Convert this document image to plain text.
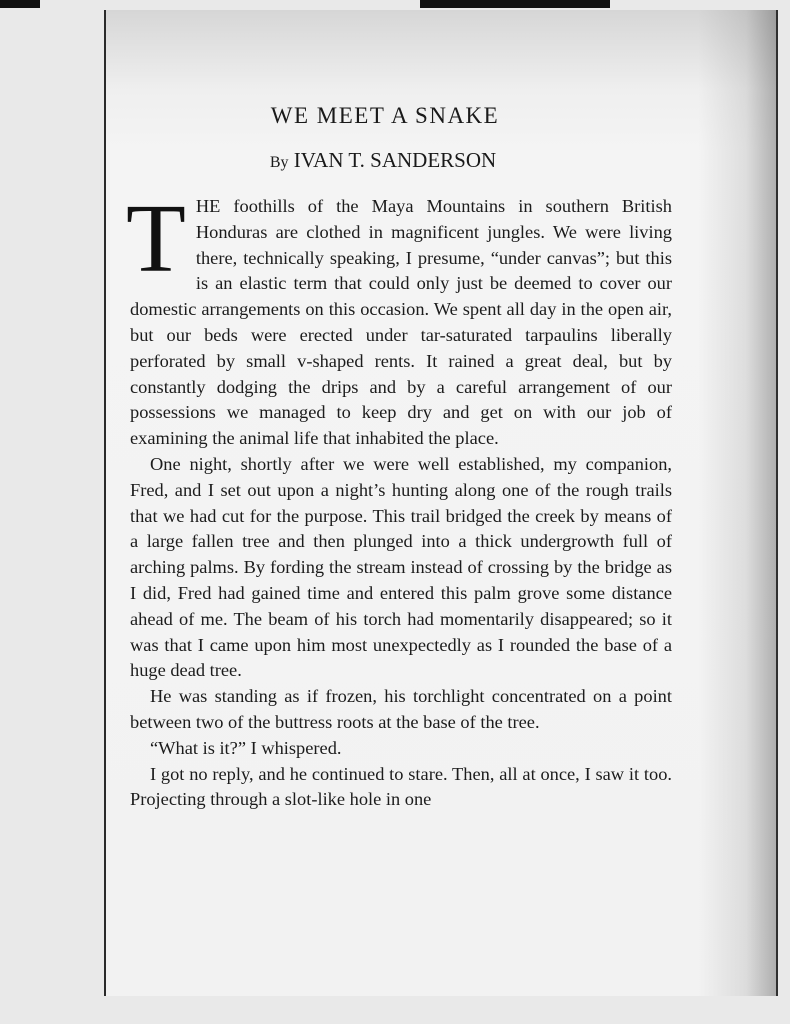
WE MEET A SNAKE
By IVAN T. SANDERSON

T HE foothills of the Maya Mountains in southern British Honduras are clothed in magnificent jungles. We were living there, technically speaking, I presume, “under canvas”; but this is an elastic term that could only just be deemed to cover our domestic arrangements on this occasion. We spent all day in the open air, but our beds were erected under tar-saturated tarpaulins liberally perforated by small v-shaped rents. It rained a great deal, but by constantly dodging the drips and by a careful arrangement of our possessions we managed to keep dry and get on with our job of examining the animal life that inhabited the place.

One night, shortly after we were well established, my companion, Fred, and I set out upon a night’s hunting along one of the rough trails that we had cut for the purpose. This trail bridged the creek by means of a large fallen tree and then plunged into a thick undergrowth full of arching palms. By fording the stream instead of crossing by the bridge as I did, Fred had gained time and entered this palm grove some distance ahead of me. The beam of his torch had momentarily disappeared; so it was that I came upon him most unexpectedly as I rounded the base of a huge dead tree.

He was standing as if frozen, his torchlight concentrated on a point between two of the buttress roots at the base of the tree.

“What is it?” I whispered.

I got no reply, and he continued to stare. Then, all at once, I saw it too. Projecting through a slot-like hole in one
